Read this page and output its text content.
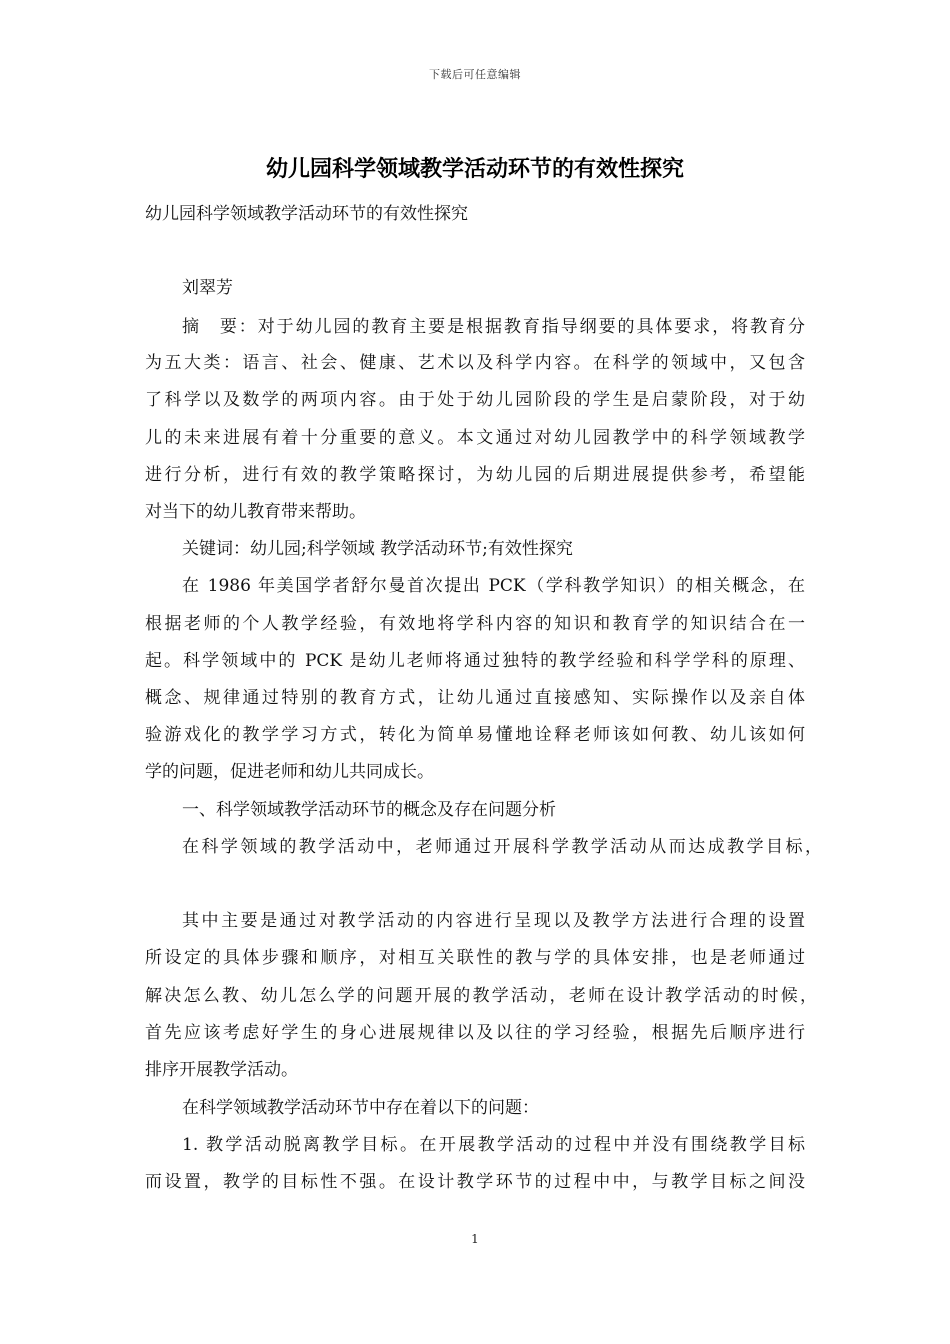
下载后可任意编辑
幼儿园科学领域教学活动环节的有效性探究
幼儿园科学领域教学活动环节的有效性探究
刘翠芳
摘　要：对于幼儿园的教育主要是根据教育指导纲要的具体要求，将教育分
为五大类：语言、社会、健康、艺术以及科学内容。在科学的领域中，又包含
了科学以及数学的两项内容。由于处于幼儿园阶段的学生是启蒙阶段，对于幼
儿的未来进展有着十分重要的意义。本文通过对幼儿园教学中的科学领域教学
进行分析，进行有效的教学策略探讨，为幼儿园的后期进展提供参考，希望能
对当下的幼儿教育带来帮助。
关键词：幼儿园;科学领域 教学活动环节;有效性探究
在 1986 年美国学者舒尔曼首次提出 PCK（学科教学知识）的相关概念，在
根据老师的个人教学经验，有效地将学科内容的知识和教育学的知识结合在一
起。科学领域中的 PCK 是幼儿老师将通过独特的教学经验和科学学科的原理、
概念、规律通过特别的教育方式，让幼儿通过直接感知、实际操作以及亲自体
验游戏化的教学学习方式，转化为简单易懂地诠释老师该如何教、幼儿该如何
学的问题，促进老师和幼儿共同成长。
一、科学领域教学活动环节的概念及存在问题分析
在科学领域的教学活动中，老师通过开展科学教学活动从而达成教学目标，
其中主要是通过对教学活动的内容进行呈现以及教学方法进行合理的设置
所设定的具体步骤和顺序，对相互关联性的教与学的具体安排，也是老师通过
解决怎么教、幼儿怎么学的问题开展的教学活动，老师在设计教学活动的时候，
首先应该考虑好学生的身心进展规律以及以往的学习经验，根据先后顺序进行
排序开展教学活动。
在科学领域教学活动环节中存在着以下的问题：
1. 教学活动脱离教学目标。在开展教学活动的过程中并没有围绕教学目标
而设置，教学的目标性不强。在设计教学环节的过程中中，与教学目标之间没
1
